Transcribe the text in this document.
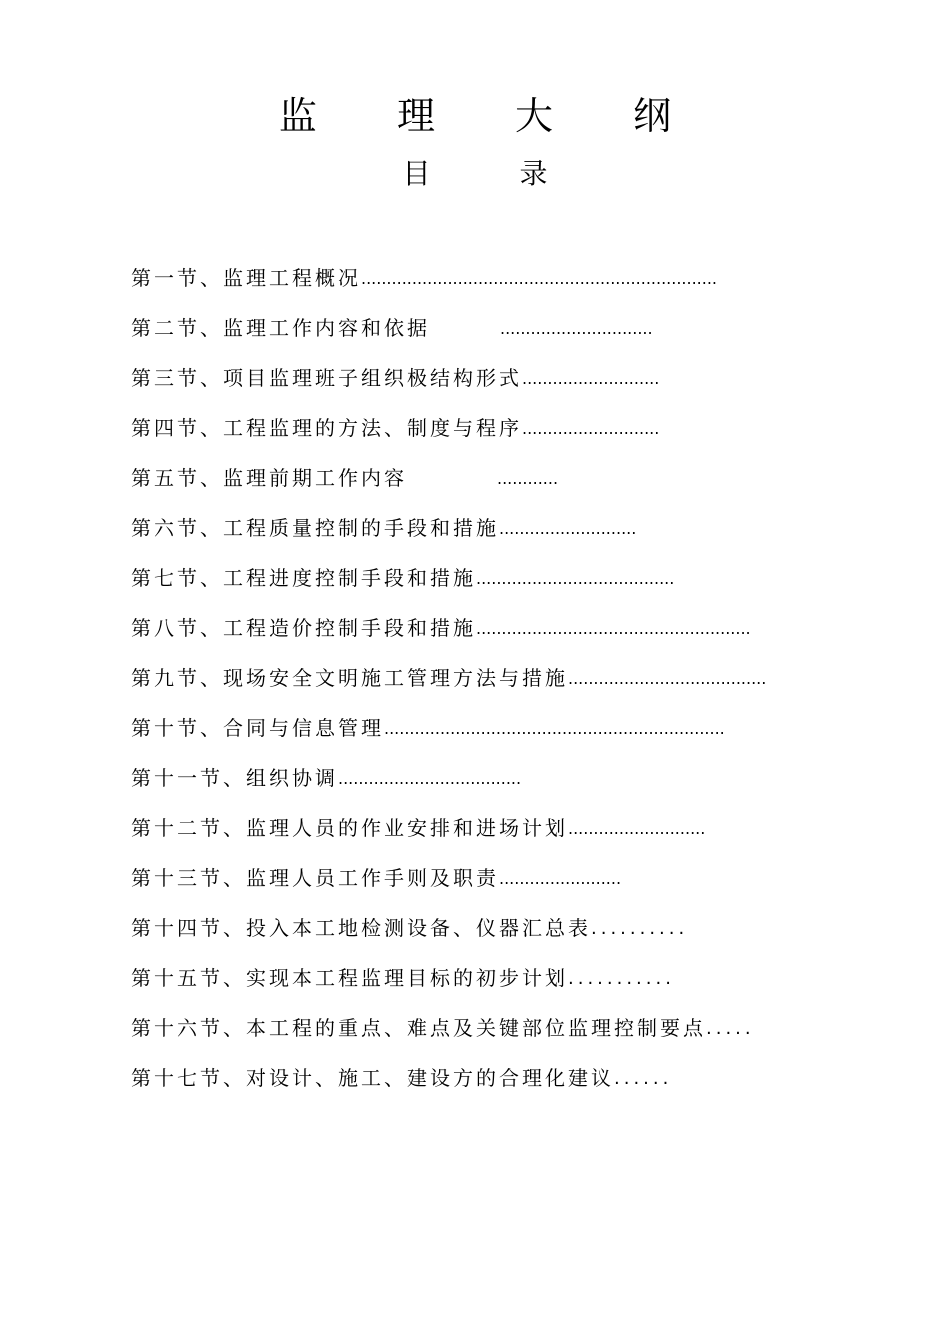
监 理 大 纲
目 录
第一节、监理工程概况......................................................................
第二节、监理工作内容和依据	..............................
第三节、项目监理班子组织极结构形式...........................
第四节、工程监理的方法、制度与程序...........................
第五节、监理前期工作内容	............
第六节、工程质量控制的手段和措施...........................
第七节、工程进度控制手段和措施.......................................
第八节、工程造价控制手段和措施......................................................
第九节、现场安全文明施工管理方法与措施.......................................
第十节、合同与信息管理...................................................................
第十一节、组织协调....................................
第十二节、监理人员的作业安排和进场计划...........................
第十三节、监理人员工作手则及职责........................
第十四节、投入本工地检测设备、仪器汇总表..........
第十五节、实现本工程监理目标的初步计划...........
第十六节、本工程的重点、难点及关键部位监理控制要点.....
第十七节、对设计、施工、建设方的合理化建议......
